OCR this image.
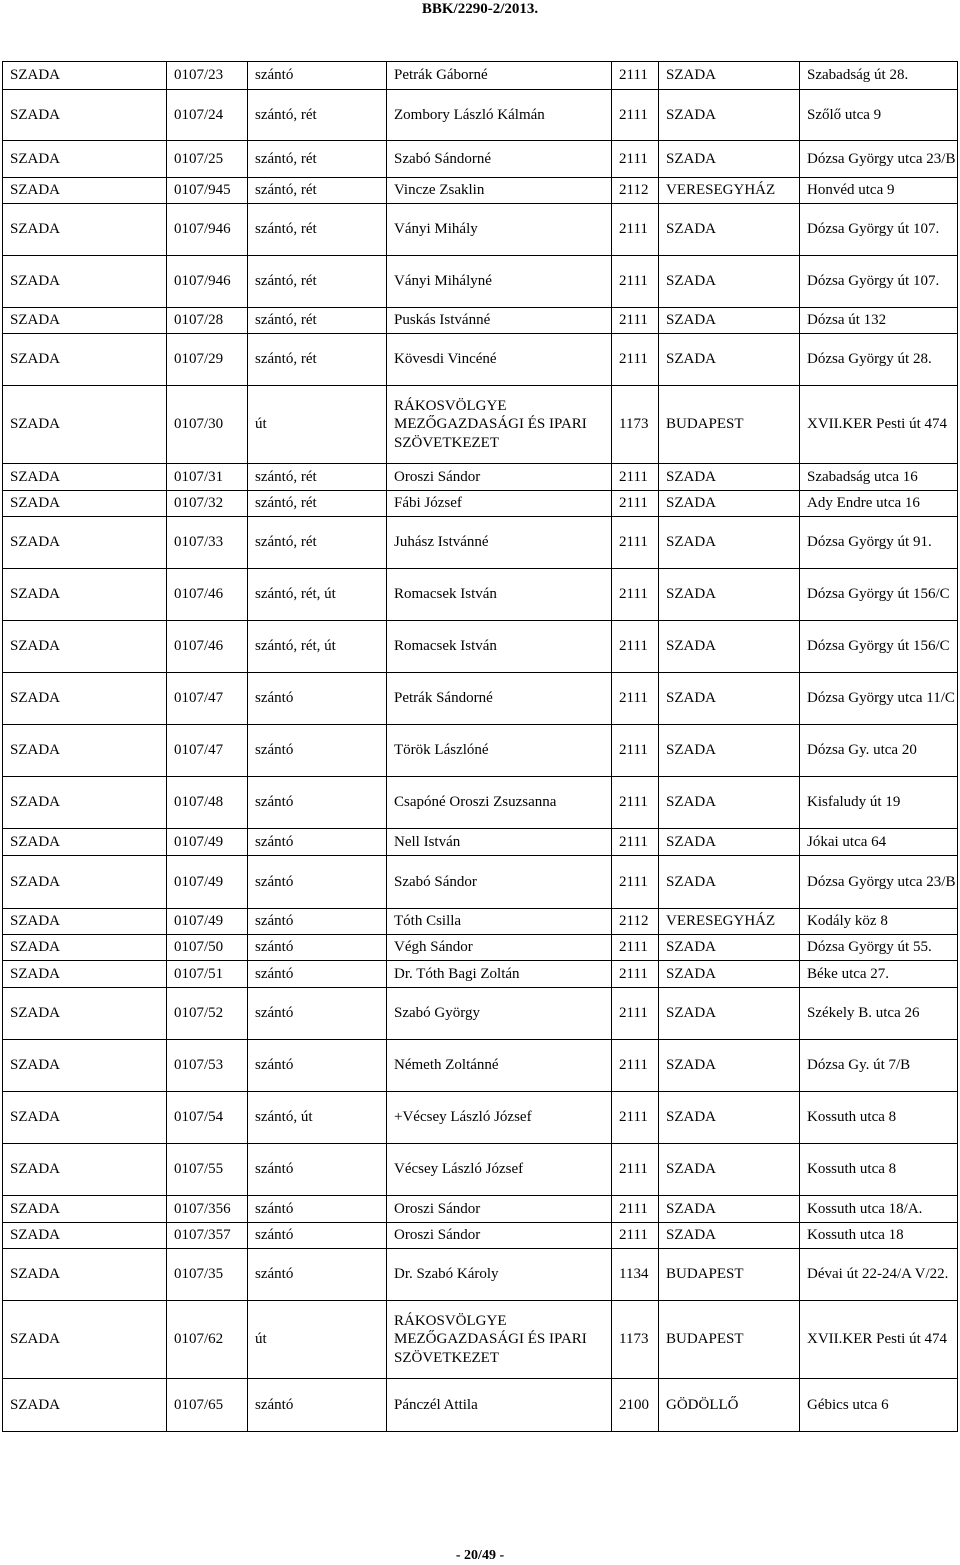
BBK/2290-2/2013.
SZADA	0107/23	szántó	Petrák Gáborné	2111	SZADA	Szabadság út 28.
SZADA	0107/24	szántó, rét	Zombory László Kálmán	2111	SZADA	Szőlő utca 9
SZADA	0107/25	szántó, rét	Szabó Sándorné	2111	SZADA	Dózsa György utca 23/B
SZADA	0107/945	szántó, rét	Vincze Zsaklin	2112	VERESEGYHÁZ	Honvéd utca 9
SZADA	0107/946	szántó, rét	Ványi Mihály	2111	SZADA	Dózsa György út 107.
SZADA	0107/946	szántó, rét	Ványi Mihályné	2111	SZADA	Dózsa György út 107.
SZADA	0107/28	szántó, rét	Puskás Istvánné	2111	SZADA	Dózsa út 132
SZADA	0107/29	szántó, rét	Kövesdi Vincéné	2111	SZADA	Dózsa György út 28.
SZADA	0107/30	út	RÁKOSVÖLGYE MEZŐGAZDASÁGI ÉS IPARI SZÖVETKEZET	1173	BUDAPEST	XVII.KER Pesti út 474
SZADA	0107/31	szántó, rét	Oroszi Sándor	2111	SZADA	Szabadság utca 16
SZADA	0107/32	szántó, rét	Fábi József	2111	SZADA	Ady Endre utca 16
SZADA	0107/33	szántó, rét	Juhász Istvánné	2111	SZADA	Dózsa György út 91.
SZADA	0107/46	szántó, rét, út	Romacsek István	2111	SZADA	Dózsa György út 156/C
SZADA	0107/46	szántó, rét, út	Romacsek István	2111	SZADA	Dózsa György út 156/C
SZADA	0107/47	szántó	Petrák Sándorné	2111	SZADA	Dózsa György utca 11/C
SZADA	0107/47	szántó	Török Lászlóné	2111	SZADA	Dózsa Gy. utca 20
SZADA	0107/48	szántó	Csapóné Oroszi Zsuzsanna	2111	SZADA	Kisfaludy út 19
SZADA	0107/49	szántó	Nell István	2111	SZADA	Jókai utca 64
SZADA	0107/49	szántó	Szabó Sándor	2111	SZADA	Dózsa György utca 23/B
SZADA	0107/49	szántó	Tóth Csilla	2112	VERESEGYHÁZ	Kodály köz 8
SZADA	0107/50	szántó	Végh Sándor	2111	SZADA	Dózsa György út 55.
SZADA	0107/51	szántó	Dr. Tóth Bagi Zoltán	2111	SZADA	Béke utca 27.
SZADA	0107/52	szántó	Szabó György	2111	SZADA	Székely B. utca 26
SZADA	0107/53	szántó	Németh Zoltánné	2111	SZADA	Dózsa Gy. út 7/B
SZADA	0107/54	szántó, út	+Vécsey László József	2111	SZADA	Kossuth utca 8
SZADA	0107/55	szántó	Vécsey László József	2111	SZADA	Kossuth utca 8
SZADA	0107/356	szántó	Oroszi Sándor	2111	SZADA	Kossuth utca 18/A.
SZADA	0107/357	szántó	Oroszi Sándor	2111	SZADA	Kossuth utca 18
SZADA	0107/35	szántó	Dr. Szabó Károly	1134	BUDAPEST	Dévai út 22-24/A V/22.
SZADA	0107/62	út	RÁKOSVÖLGYE MEZŐGAZDASÁGI ÉS IPARI SZÖVETKEZET	1173	BUDAPEST	XVII.KER Pesti út 474
SZADA	0107/65	szántó	Pánczél Attila	2100	GÖDÖLLŐ	Gébics utca 6
- 20/49 -
